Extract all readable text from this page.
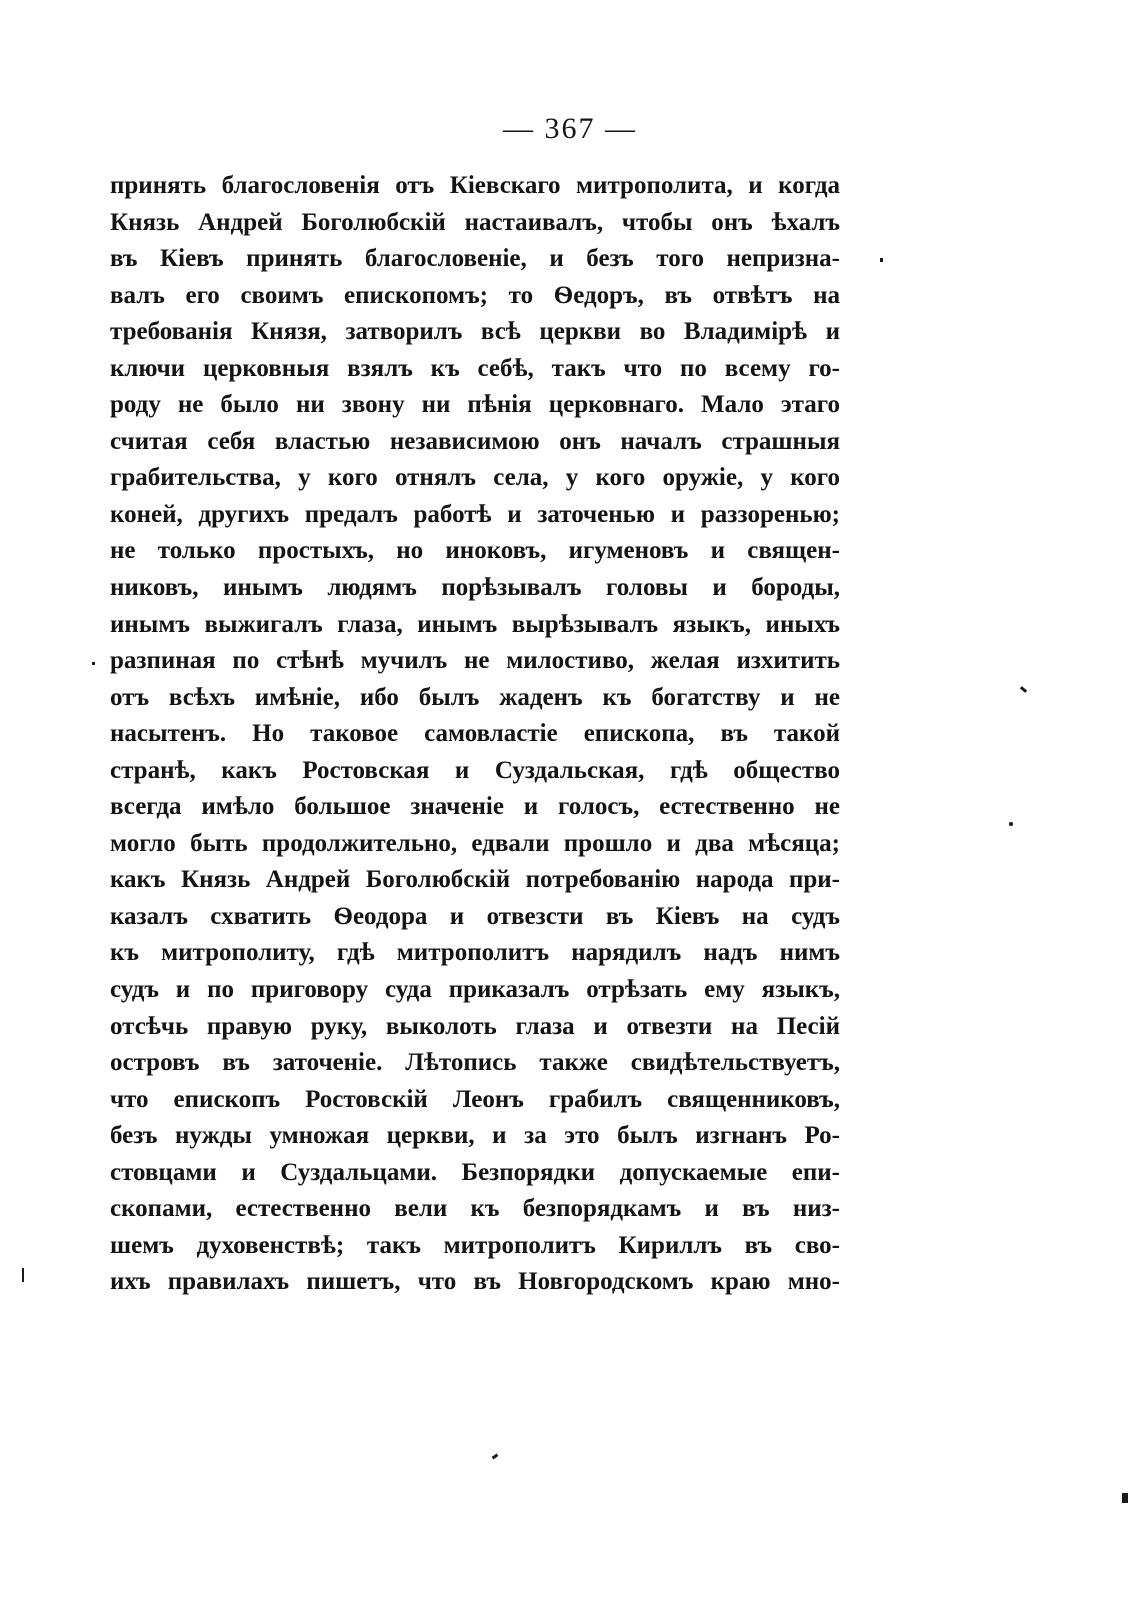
— 367 —
принять благословенія отъ Кіевскаго митрополита, и когда
Князь Андрей Боголюбскій настаивалъ, чтобы онъ ѣхалъ
въ Кіевъ принять благословеніе, и безъ того непризна-
валъ его своимъ епископомъ; то Ѳедоръ, въ отвѣтъ на
требованія Князя, затворилъ всѣ церкви во Владимірѣ и
ключи церковныя взялъ къ себѣ, такъ что по всему го-
роду не было ни звону ни пѣнія церковнаго. Мало этаго
считая себя властью независимою онъ началъ страшныя
грабительства, у кого отнялъ села, у кого оружіе, у кого
коней, другихъ предалъ работѣ и заточенью и раззоренью;
не только простыхъ, но иноковъ, игуменовъ и священ-
никовъ, инымъ людямъ порѣзывалъ головы и бороды,
инымъ выжигалъ глаза, инымъ вырѣзывалъ языкъ, иныхъ
разпиная по стѣнѣ мучилъ не милостиво, желая изхитить
отъ всѣхъ имѣніе, ибо былъ жаденъ къ богатству и не
насытенъ. Но таковое самовластіе епископа, въ такой
странѣ, какъ Ростовская и Суздальская, гдѣ общество
всегда имѣло большое значеніе и голосъ, естественно не
могло быть продолжительно, едвали прошло и два мѣсяца;
какъ Князь Андрей Боголюбскій потребованію народа при-
казалъ схватить Ѳеодора и отвезсти въ Кіевъ на судъ
къ митрополиту, гдѣ митрополитъ нарядилъ надъ нимъ
судъ и по приговору суда приказалъ отрѣзать ему языкъ,
отсѣчь правую руку, выколоть глаза и отвезти на Песій
островъ въ заточеніе. Лѣтопись также свидѣтельствуетъ,
что епископъ Ростовскій Леонъ грабилъ священниковъ,
безъ нужды умножая церкви, и за это былъ изгнанъ Ро-
стовцами и Суздальцами. Безпорядки допускаемые епи-
скопами, естественно вели къ безпорядкамъ и въ низ-
шемъ духовенствѣ; такъ митрополитъ Кириллъ въ сво-
ихъ правилахъ пишетъ, что въ Новгородскомъ краю мно-
